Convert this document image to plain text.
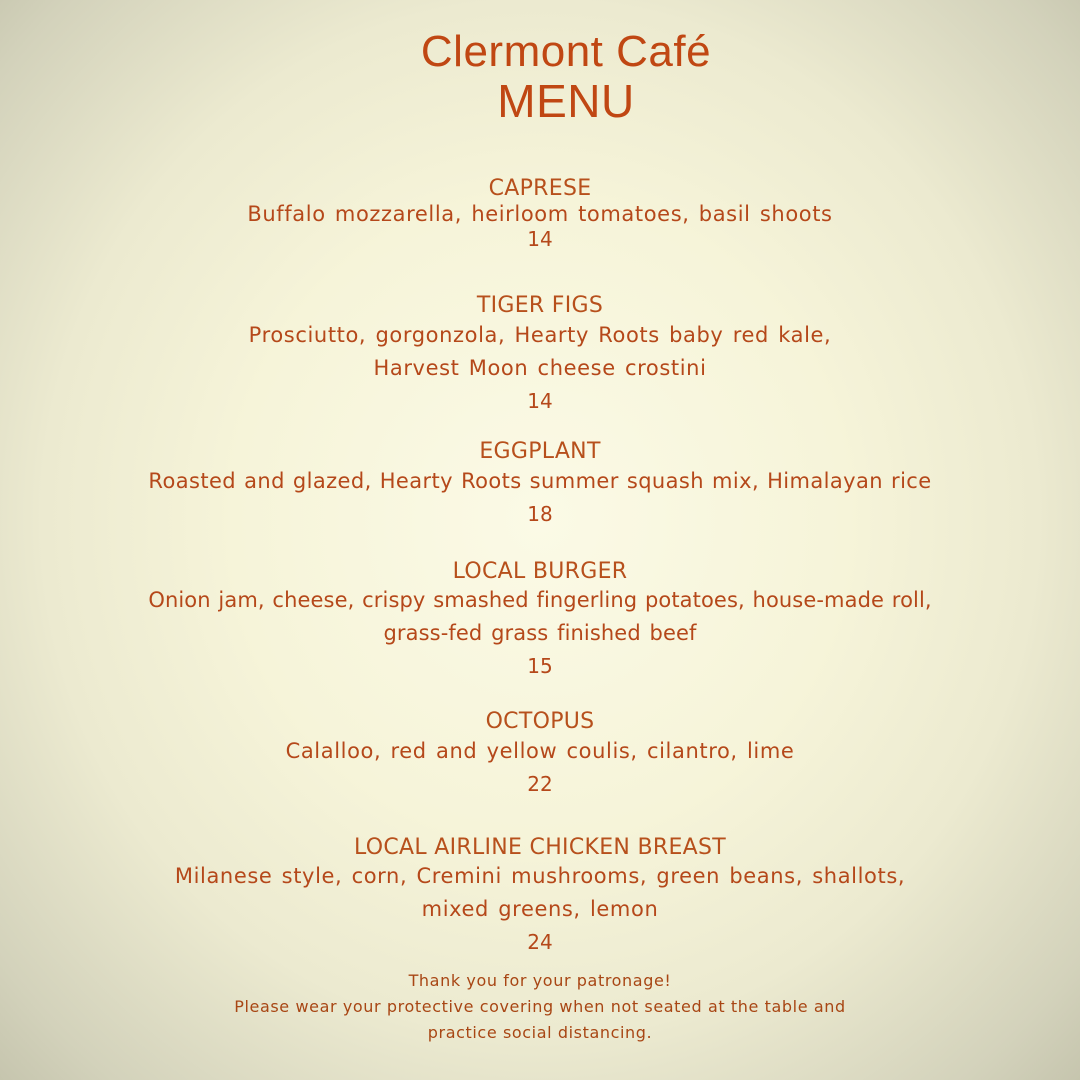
Clermont Café
MENU
CAPRESE
Buffalo mozzarella, heirloom tomatoes, basil shoots
14
TIGER FIGS
Prosciutto, gorgonzola, Hearty Roots baby red kale,
Harvest Moon cheese crostini
14
EGGPLANT
Roasted and glazed, Hearty Roots summer squash mix, Himalayan rice
18
LOCAL BURGER
Onion jam, cheese, crispy smashed fingerling potatoes, house-made roll,
grass-fed grass finished beef
15
OCTOPUS
Calalloo, red and yellow coulis, cilantro, lime
22
LOCAL AIRLINE CHICKEN BREAST
Milanese style, corn, Cremini mushrooms, green beans, shallots,
mixed greens, lemon
24
Thank you for your patronage!
Please wear your protective covering when not seated at the table and
practice social distancing.
